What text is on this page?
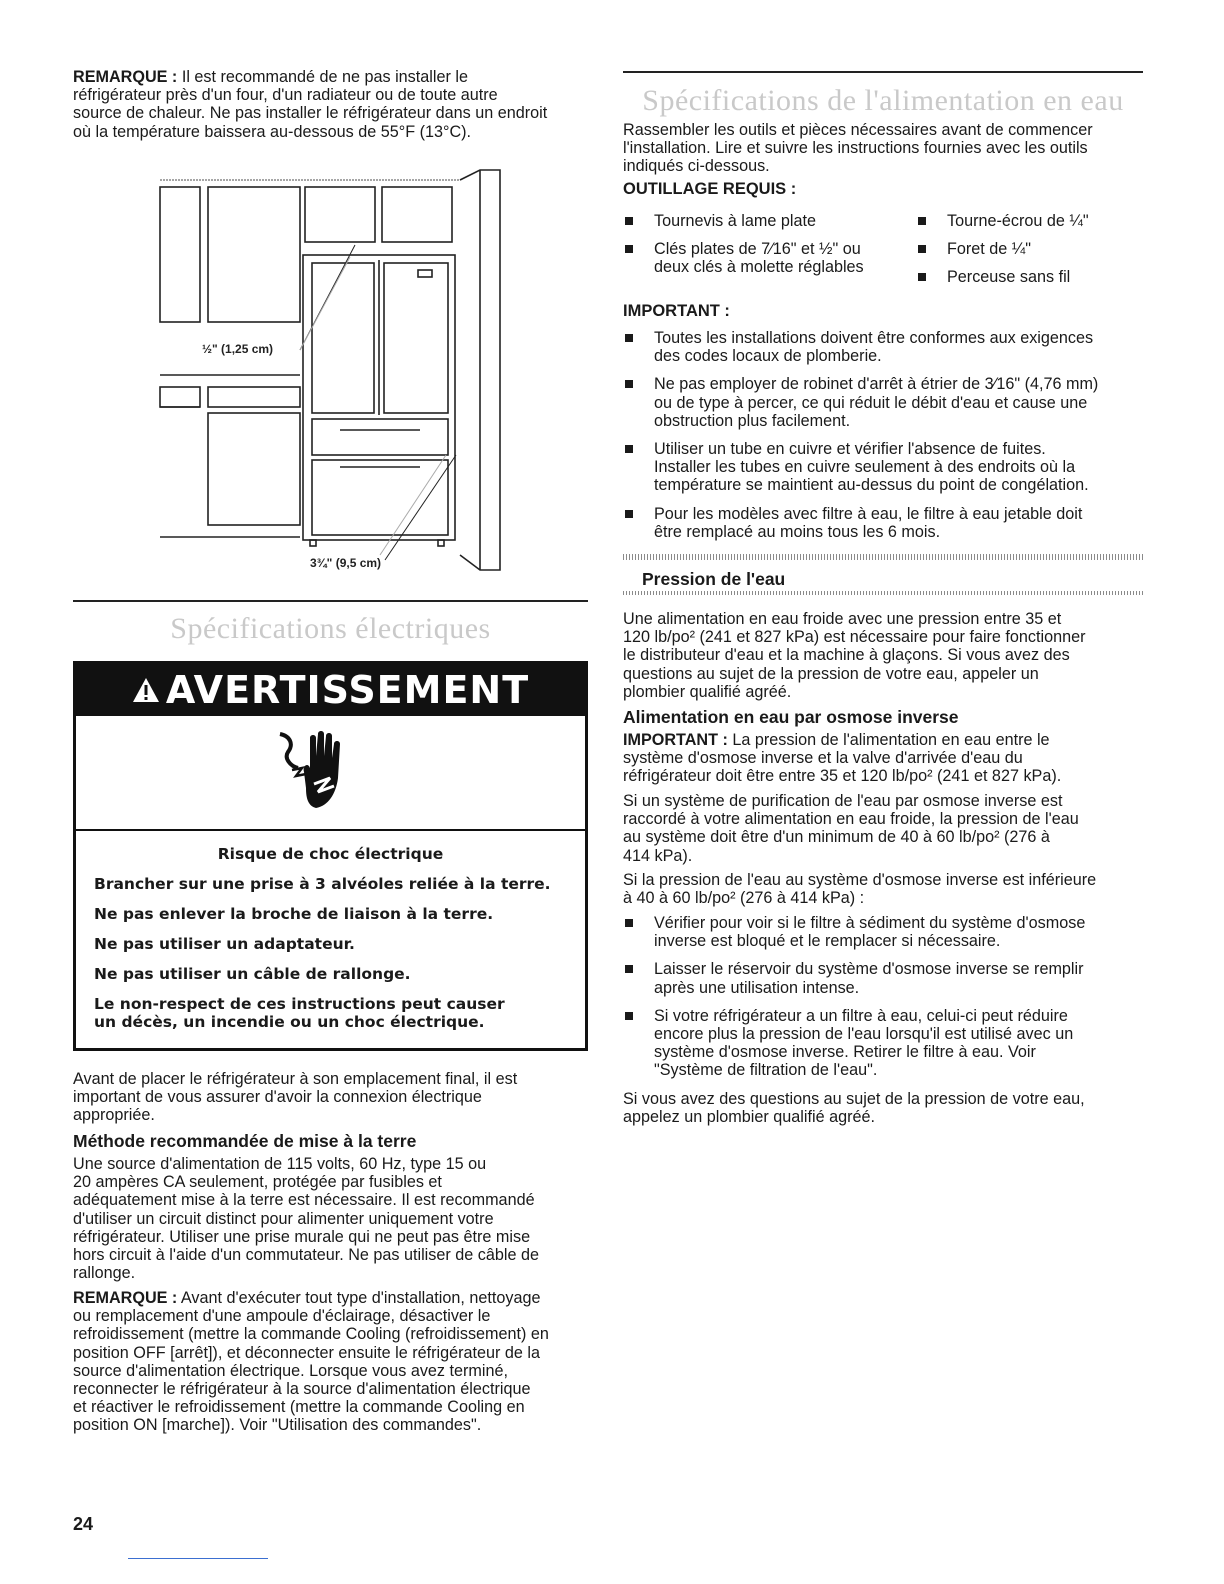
REMARQUE : Il est recommandé de ne pas installer le
réfrigérateur près d'un four, d'un radiateur ou de toute autre
source de chaleur. Ne pas installer le réfrigérateur dans un endroit
où la température baissera au-dessous de 55°F (13°C).

½" (1,25 cm)
3¾" (9,5 cm)
Spécifications électriques
AVERTISSEMENT
Risque de choc électrique
Brancher sur une prise à 3 alvéoles reliée à la terre.
Ne pas enlever la broche de liaison à la terre.
Ne pas utiliser un adaptateur.
Ne pas utiliser un câble de rallonge.
Le non-respect de ces instructions peut causer
un décès, un incendie ou un choc électrique.

Avant de placer le réfrigérateur à son emplacement final, il est
important de vous assurer d'avoir la connexion électrique
appropriée.

Méthode recommandée de mise à la terre

Une source d'alimentation de 115 volts, 60 Hz, type 15 ou
20 ampères CA seulement, protégée par fusibles et
adéquatement mise à la terre est nécessaire. Il est recommandé
d'utiliser un circuit distinct pour alimenter uniquement votre
réfrigérateur. Utiliser une prise murale qui ne peut pas être mise
hors circuit à l'aide d'un commutateur. Ne pas utiliser de câble de
rallonge.

REMARQUE : Avant d'exécuter tout type d'installation, nettoyage
ou remplacement d'une ampoule d'éclairage, désactiver le
refroidissement (mettre la commande Cooling (refroidissement) en
position OFF [arrêt]), et déconnecter ensuite le réfrigérateur de la
source d'alimentation électrique. Lorsque vous avez terminé,
reconnecter le réfrigérateur à la source d'alimentation électrique
et réactiver le refroidissement (mettre la commande Cooling en
position ON [marche]). Voir "Utilisation des commandes".

24
Spécifications de l'alimentation en eau

Rassembler les outils et pièces nécessaires avant de commencer
l'installation. Lire et suivre les instructions fournies avec les outils
indiqués ci-dessous.

OUTILLAGE REQUIS :
Tournevis à lame plate
Clés plates de 7⁄16" et ½" ou
deux clés à molette réglables
Tourne-écrou de ¼"
Foret de ¼"
Perceuse sans fil
IMPORTANT :
Toutes les installations doivent être conformes aux exigences
des codes locaux de plomberie.
Ne pas employer de robinet d'arrêt à étrier de 3⁄16" (4,76 mm)
ou de type à percer, ce qui réduit le débit d'eau et cause une
obstruction plus facilement.
Utiliser un tube en cuivre et vérifier l'absence de fuites.
Installer les tubes en cuivre seulement à des endroits où la
température se maintient au-dessus du point de congélation.
Pour les modèles avec filtre à eau, le filtre à eau jetable doit
être remplacé au moins tous les 6 mois.
Pression de l'eau

Une alimentation en eau froide avec une pression entre 35 et
120 lb/po² (241 et 827 kPa) est nécessaire pour faire fonctionner
le distributeur d'eau et la machine à glaçons. Si vous avez des
questions au sujet de la pression de votre eau, appeler un
plombier qualifié agréé.

Alimentation en eau par osmose inverse

IMPORTANT : La pression de l'alimentation en eau entre le
système d'osmose inverse et la valve d'arrivée d'eau du
réfrigérateur doit être entre 35 et 120 lb/po² (241 et 827 kPa).

Si un système de purification de l'eau par osmose inverse est
raccordé à votre alimentation en eau froide, la pression de l'eau
au système doit être d'un minimum de 40 à 60 lb/po² (276 à
414 kPa).

Si la pression de l'eau au système d'osmose inverse est inférieure
à 40 à 60 lb/po² (276 à 414 kPa) :

Vérifier pour voir si le filtre à sédiment du système d'osmose
inverse est bloqué et le remplacer si nécessaire.
Laisser le réservoir du système d'osmose inverse se remplir
après une utilisation intense.
Si votre réfrigérateur a un filtre à eau, celui-ci peut réduire
encore plus la pression de l'eau lorsqu'il est utilisé avec un
système d'osmose inverse. Retirer le filtre à eau. Voir
"Système de filtration de l'eau".

Si vous avez des questions au sujet de la pression de votre eau,
appelez un plombier qualifié agréé.
